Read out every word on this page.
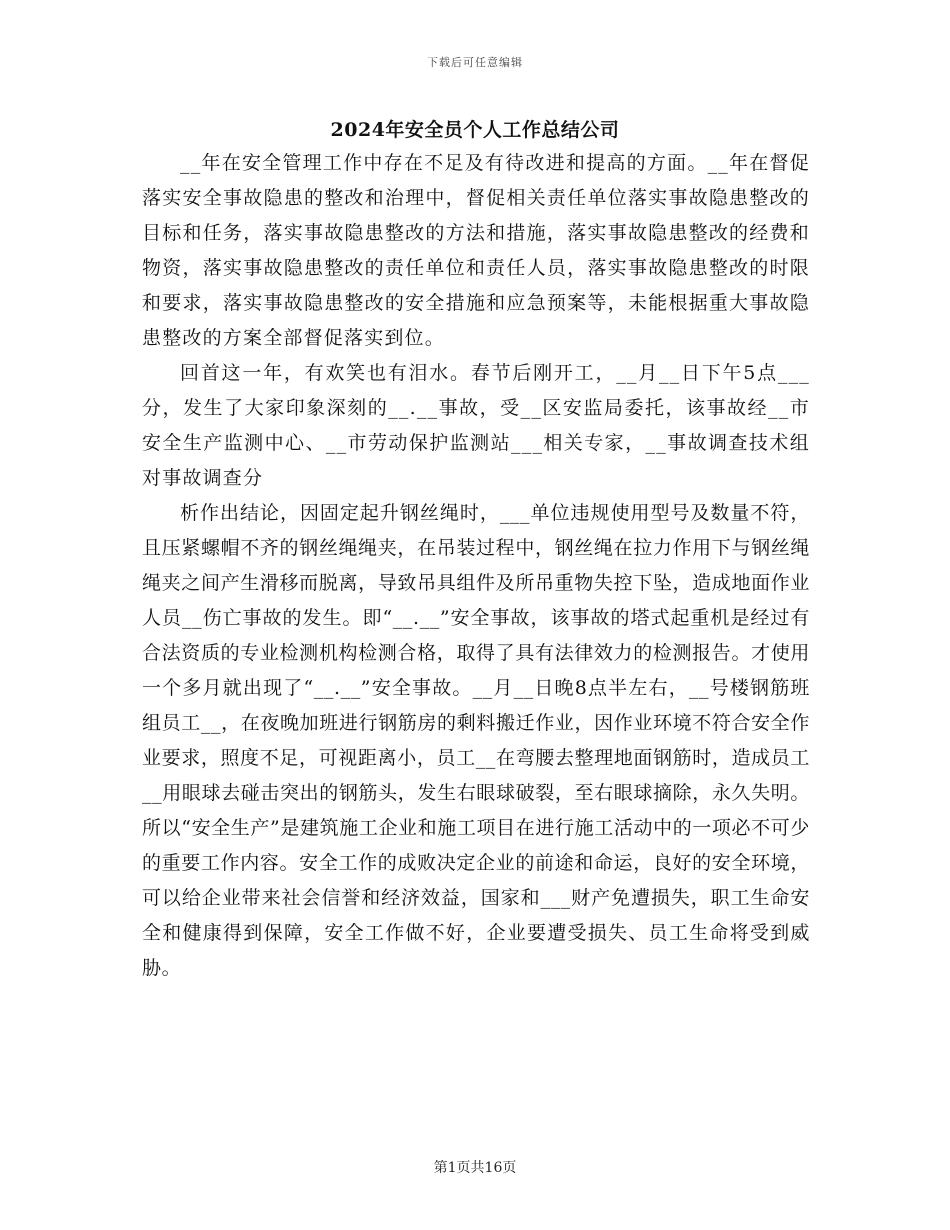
下载后可任意编辑
2024年安全员个人工作总结公司

__年在安全管理工作中存在不足及有待改进和提高的方面。__年在督促落实安全事故隐患的整改和治理中，督促相关责任单位落实事故隐患整改的目标和任务，落实事故隐患整改的方法和措施，落实事故隐患整改的经费和物资，落实事故隐患整改的责任单位和责任人员，落实事故隐患整改的时限和要求，落实事故隐患整改的安全措施和应急预案等，未能根据重大事故隐患整改的方案全部督促落实到位。

回首这一年，有欢笑也有泪水。春节后刚开工，__月__日下午5点___分，发生了大家印象深刻的__.__事故，受__区安监局委托，该事故经__市安全生产监测中心、__市劳动保护监测站___相关专家，__事故调查技术组对事故调查分

析作出结论，因固定起升钢丝绳时，___单位违规使用型号及数量不符，且压紧螺帽不齐的钢丝绳绳夹，在吊装过程中，钢丝绳在拉力作用下与钢丝绳绳夹之间产生滑移而脱离，导致吊具组件及所吊重物失控下坠，造成地面作业人员__伤亡事故的发生。即“__.__”安全事故，该事故的塔式起重机是经过有合法资质的专业检测机构检测合格，取得了具有法律效力的检测报告。才使用一个多月就出现了“__.__”安全事故。__月__日晚8点半左右，__号楼钢筋班组员工__，在夜晚加班进行钢筋房的剩料搬迁作业，因作业环境不符合安全作业要求，照度不足，可视距离小，员工__在弯腰去整理地面钢筋时，造成员工__用眼球去碰击突出的钢筋头，发生右眼球破裂，至右眼球摘除，永久失明。所以“安全生产”是建筑施工企业和施工项目在进行施工活动中的一项必不可少的重要工作内容。安全工作的成败决定企业的前途和命运，良好的安全环境，可以给企业带来社会信誉和经济效益，国家和___财产免遭损失，职工生命安全和健康得到保障，安全工作做不好，企业要遭受损失、员工生命将受到威胁。

第1页共16页
